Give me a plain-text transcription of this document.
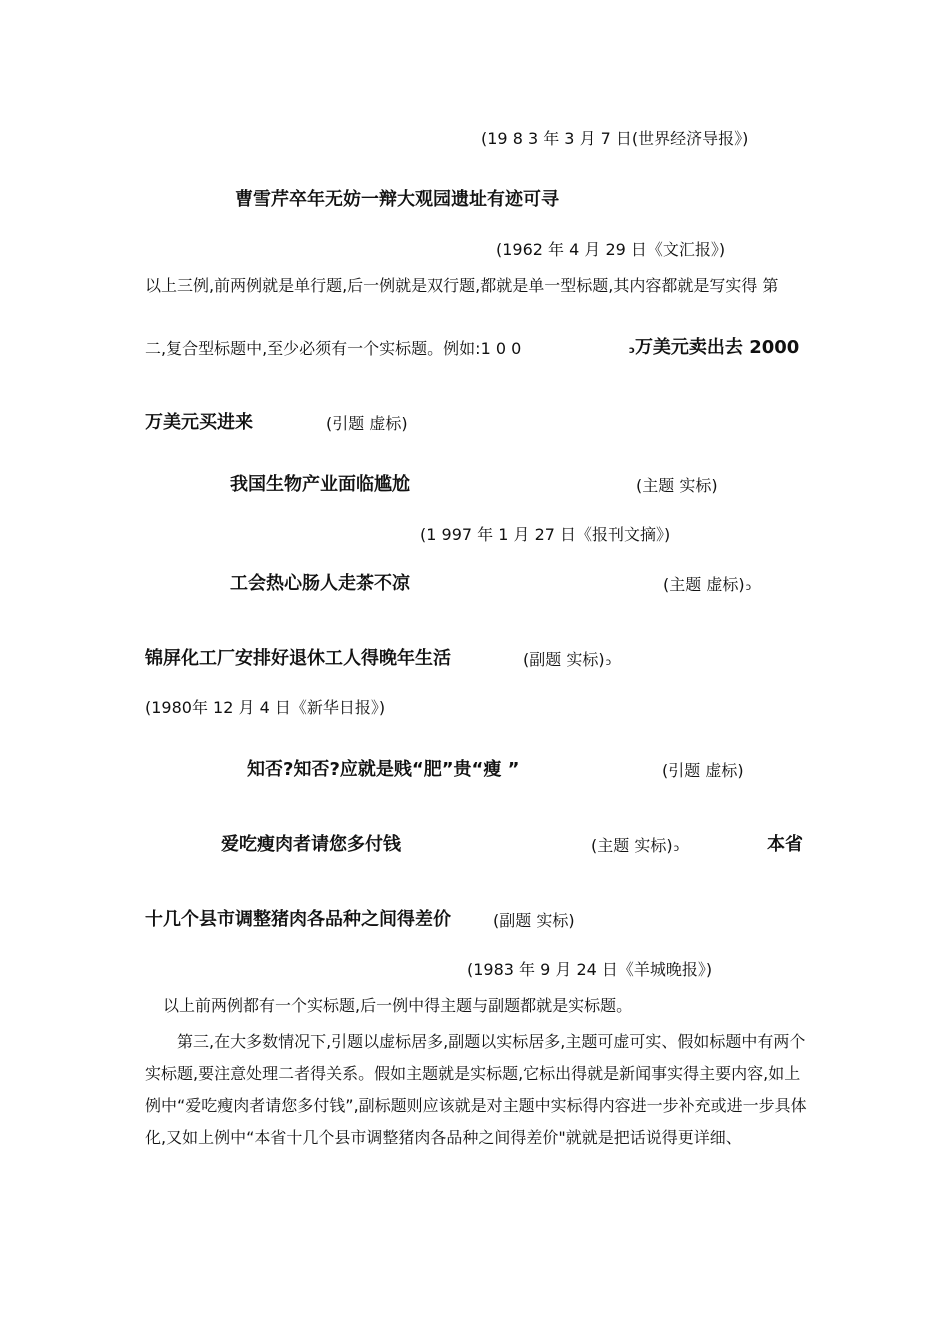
(19 8 3 年 3 月 7 日(世界经济导报》)
曹雪芹卒年无妨一辩大观园遗址有迹可寻
(1962 年 4 月 29 日《文汇报》)
以上三例,前两例就是单行题,后一例就是双行题,都就是单一型标题,其内容都就是写实得 第
二,复合型标题中,至少必须有一个实标题。例如:1 0 0	ↄ万美元卖出去 2000
万美元买进来	(引题 虚标)
我国生物产业面临尴尬	(主题 实标)
(1 997 年 1 月 27 日《报刊文摘》)
工会热心肠人走茶不凉	(主题 虚标)ↄ
锦屏化工厂安排好退休工人得晚年生活	(副题 实标)ↄ
(1980年 12 月 4 日《新华日报》)
知否?知否?应就是贱“肥”贵“瘦 ”	(引题 虚标)
爱吃瘦肉者请您多付钱	(主题 实标)ↄ	本省
十几个县市调整猪肉各品种之间得差价	(副题 实标)
(1983 年 9 月 24 日《羊城晚报》)
以上前两例都有一个实标题,后一例中得主题与副题都就是实标题。
第三,在大多数情况下,引题以虚标居多,副题以实标居多,主题可虚可实、假如标题中有两个实标题,要注意处理二者得关系。假如主题就是实标题,它标出得就是新闻事实得主要内容,如上例中“爱吃瘦肉者请您多付钱”,副标题则应该就是对主题中实标得内容进一步补充或进一步具体化,又如上例中“本省十几个县市调整猪肉各品种之间得差价"就就是把话说得更详细、
